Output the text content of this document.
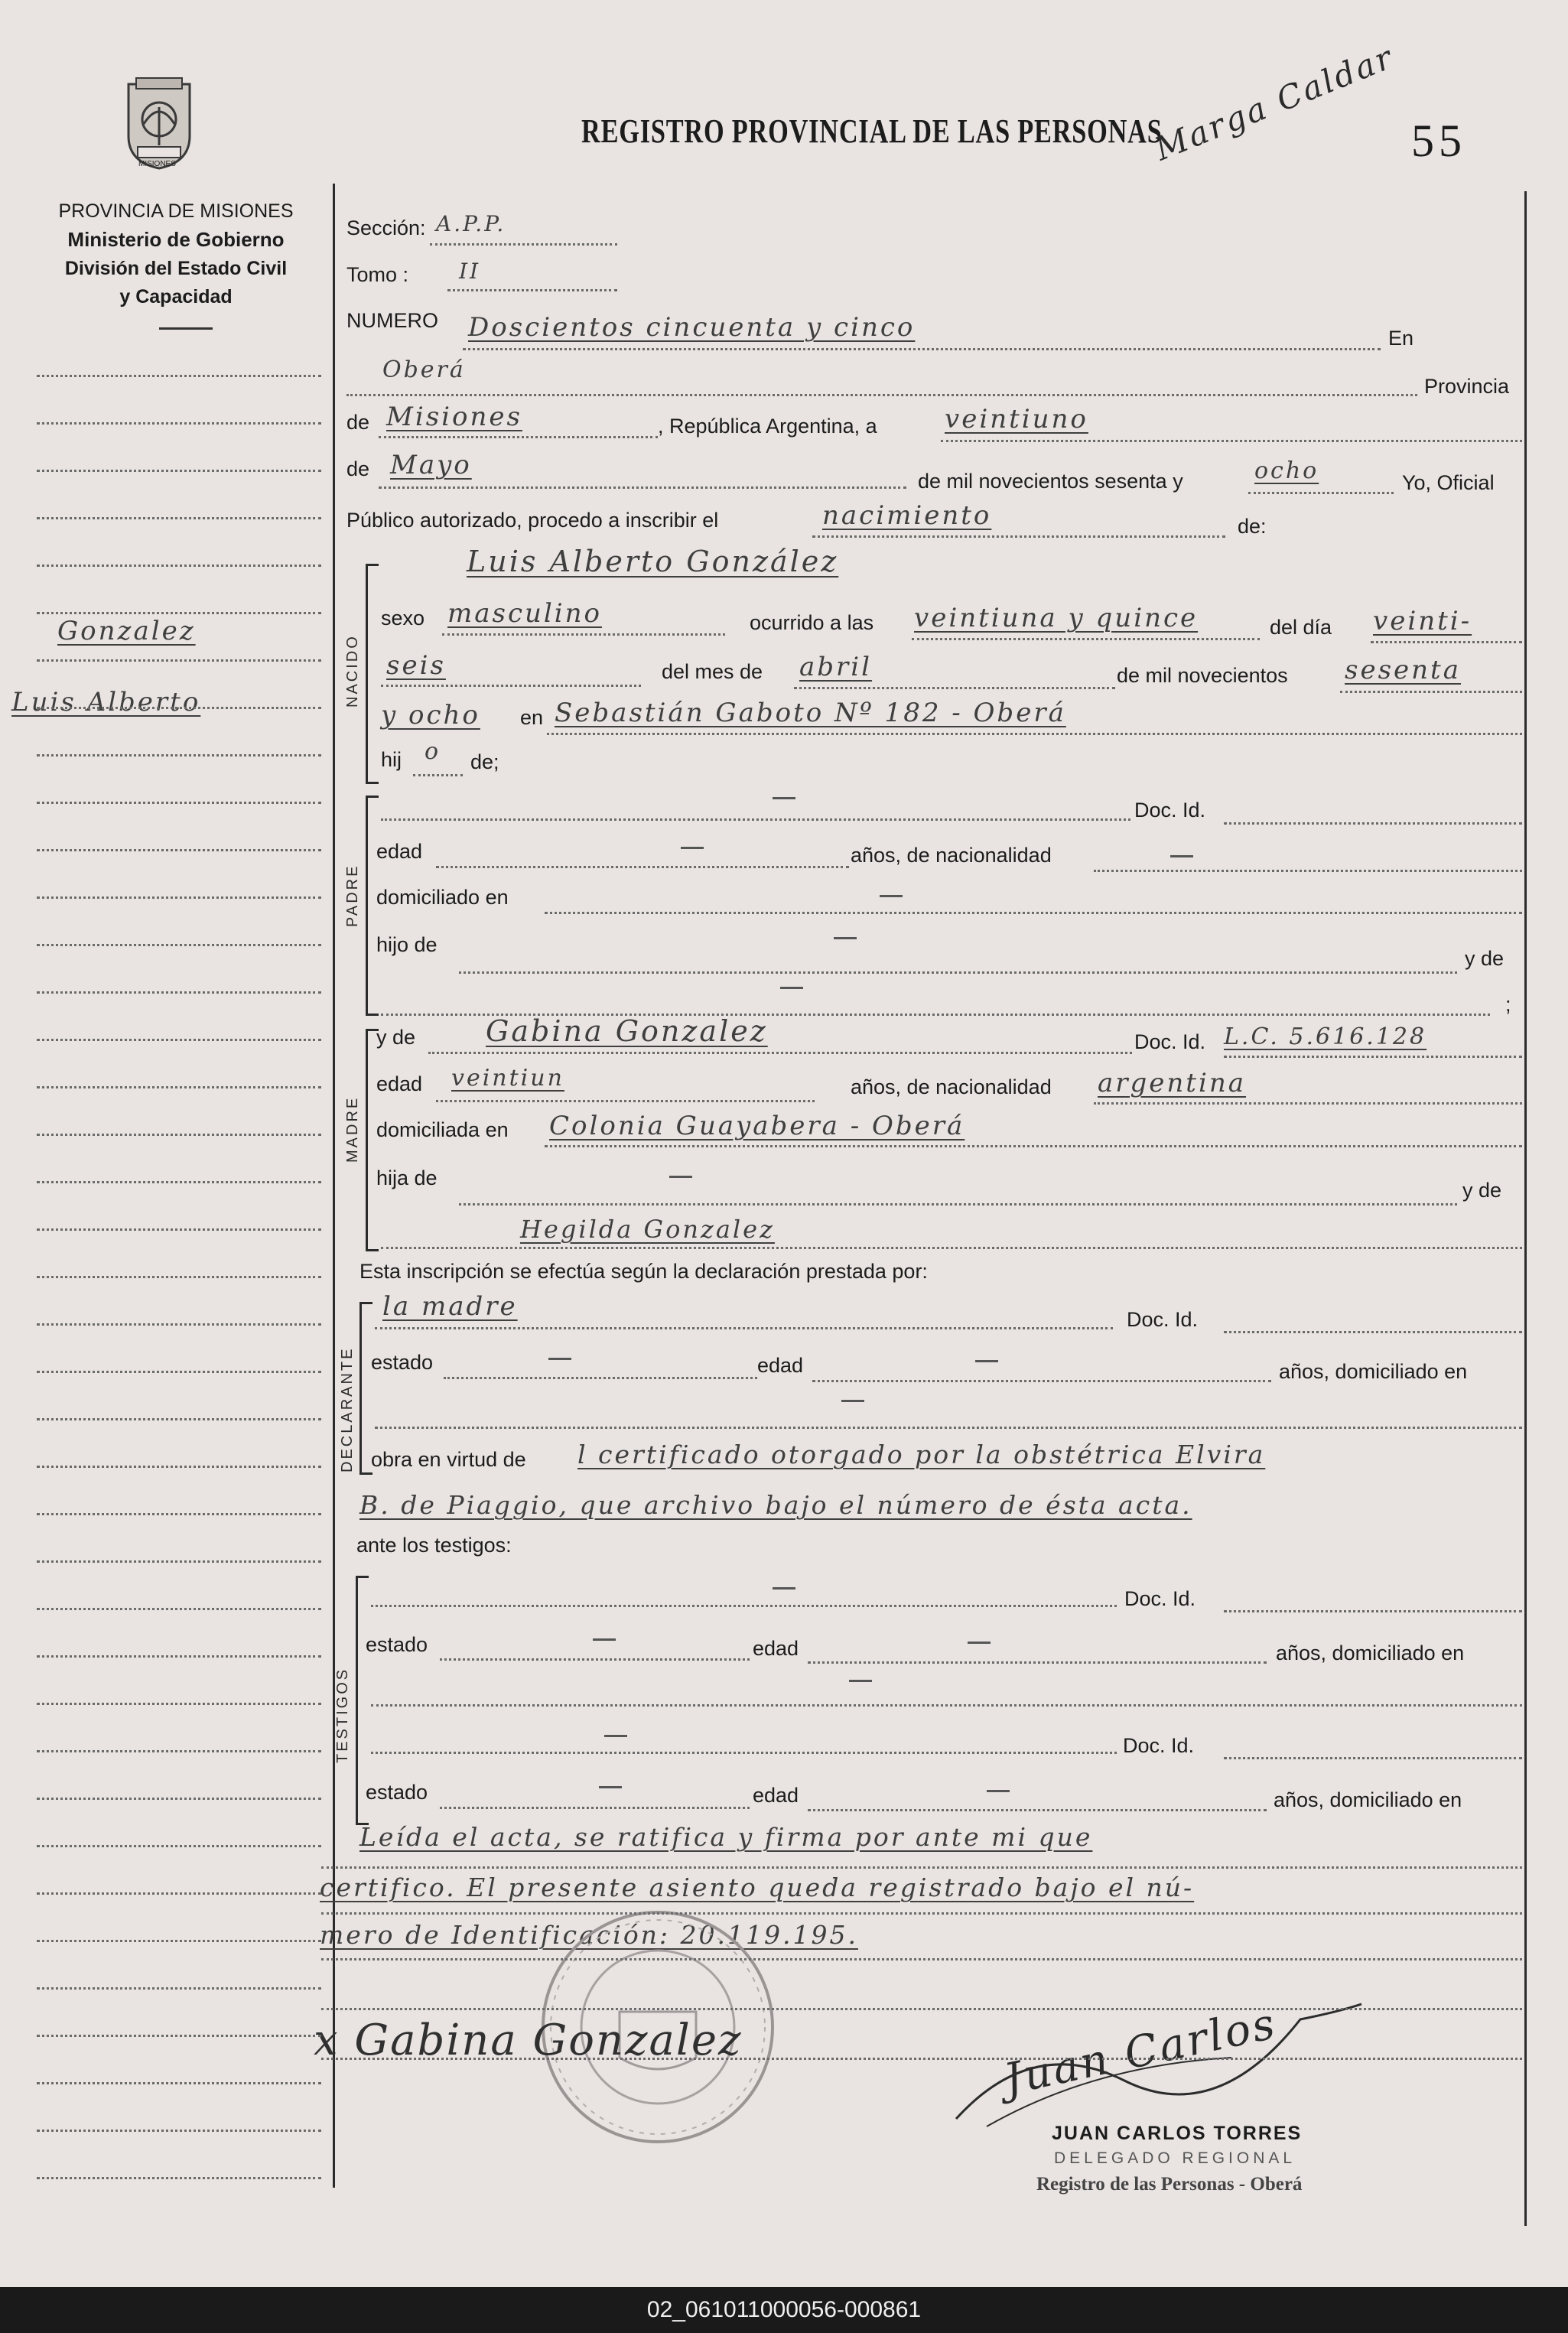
MISIONES
PROVINCIA DE MISIONES
Ministerio de Gobierno
División del Estado Civil
y Capacidad
Gonzalez
Luis Alberto
REGISTRO PROVINCIAL DE LAS PERSONAS	55
Marga Caldar
Sección: A.P.P.
Tomo : II
NUMERO Doscientos cincuenta y cinco	En
Oberá
Provincia
de Misiones	, República Argentina, a	veintiuno
de Mayo
de mil novecientos sesenta y	ocho	Yo, Oficial
Público autorizado, procedo a inscribir el	nacimiento	de:
NACIDO
Luis Alberto González
sexo masculino	ocurrido a las veintiuna y quince	del día veinti-
seis	del mes de abril	de mil novecientos sesenta
y ocho en Sebastián Gaboto Nº 182 - Oberá
hij o de;
PADRE
Doc. Id.
edad	años, de nacionalidad
domiciliado en
hijo de
y de
;
MADRE
y de Gabina Gonzalez	Doc. Id. L.C. 5.616.128
edad veintiun	años, de nacionalidad argentina
domiciliada en Colonia Guayabera - Oberá
hija de
y de
Hegilda Gonzalez
Esta inscripción se efectúa según la declaración prestada por:
DECLARANTE
la madre	Doc. Id.
estado	edad	años, domiciliado en
obra en virtud de l certificado otorgado por la obstétrica Elvira
B. de Piaggio, que archivo bajo el número de ésta acta.
ante los testigos:
TESTIGOS
Doc. Id.
estado	edad	años, domiciliado en
Doc. Id.
estado	edad	años, domiciliado en
Leída el acta, se ratifica y firma por ante mi que
certifico. El presente asiento queda registrado bajo el nú-
mero de Identificación: 20.119.195.
x Gabina Gonzalez	Juan Carlos
JUAN CARLOS TORRES
DELEGADO REGIONAL
Registro de las Personas - Oberá
02_061011000056-000861
